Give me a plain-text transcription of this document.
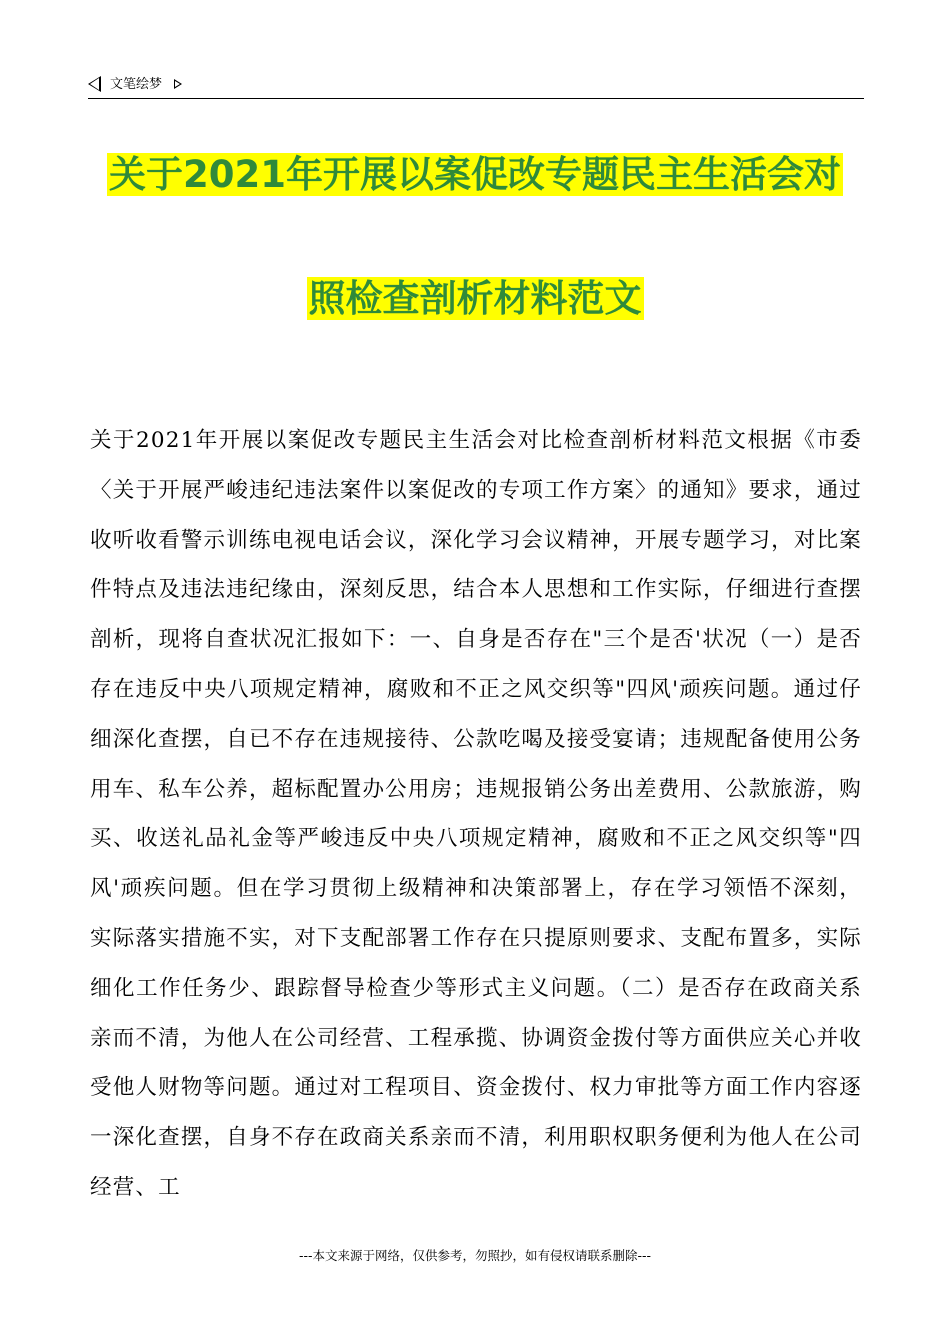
文笔绘梦
关于2021年开展以案促改专题民主生活会对
照检查剖析材料范文
关于2021年开展以案促改专题民主生活会对比检查剖析材料范文根据《市委〈关于开展严峻违纪违法案件以案促改的专项工作方案〉的通知》要求，通过收听收看警示训练电视电话会议，深化学习会议精神，开展专题学习，对比案件特点及违法违纪缘由，深刻反思，结合本人思想和工作实际，仔细进行查摆剖析，现将自查状况汇报如下：一、自身是否存在"三个是否'状况（一）是否存在违反中央八项规定精神，腐败和不正之风交织等"四风'顽疾问题。通过仔细深化查摆，自已不存在违规接待、公款吃喝及接受宴请；违规配备使用公务用车、私车公养，超标配置办公用房；违规报销公务出差费用、公款旅游，购买、收送礼品礼金等严峻违反中央八项规定精神，腐败和不正之风交织等"四风'顽疾问题。但在学习贯彻上级精神和决策部署上，存在学习领悟不深刻，实际落实措施不实，对下支配部署工作存在只提原则要求、支配布置多，实际细化工作任务少、跟踪督导检查少等形式主义问题。（二）是否存在政商关系亲而不清，为他人在公司经营、工程承揽、协调资金拨付等方面供应关心并收受他人财物等问题。通过对工程项目、资金拨付、权力审批等方面工作内容逐一深化查摆，自身不存在政商关系亲而不清，利用职权职务便利为他人在公司经营、工
---本文来源于网络，仅供参考，勿照抄，如有侵权请联系删除---
